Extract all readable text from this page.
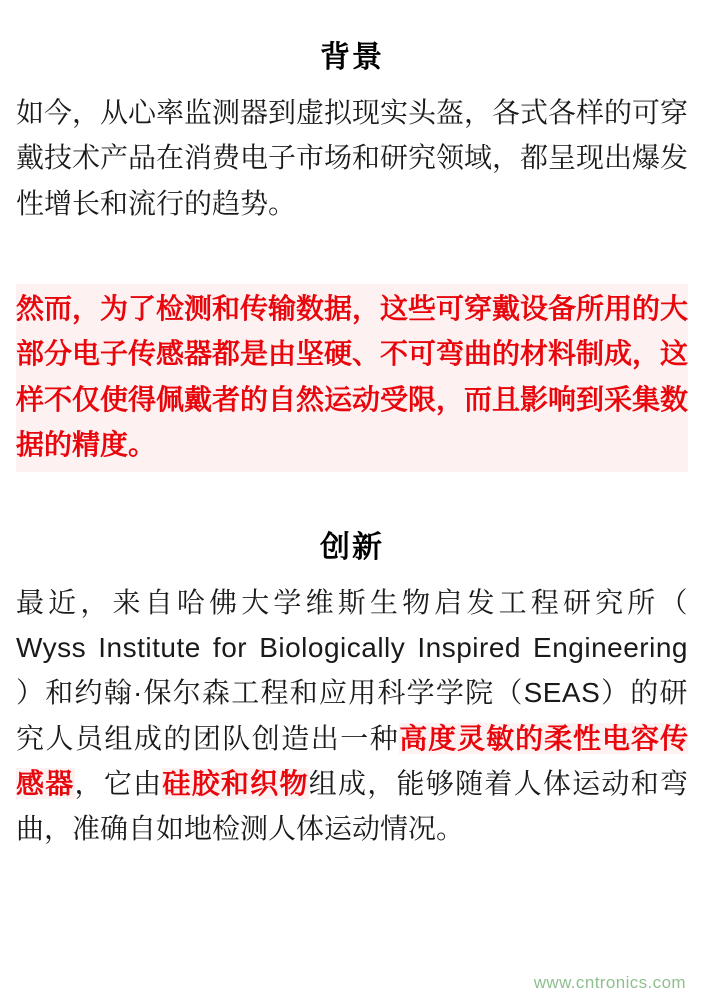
背景

如今，从心率监测器到虚拟现实头盔，各式各样的可穿戴技术产品在消费电子市场和研究领域，都呈现出爆发性增长和流行的趋势。

然而，为了检测和传输数据，这些可穿戴设备所用的大部分电子传感器都是由坚硬、不可弯曲的材料制成，这样不仅使得佩戴者的自然运动受限，而且影响到采集数据的精度。

创新

最近，来自哈佛大学维斯生物启发工程研究所（ Wyss Institute for Biologically Inspired Engineering ）和约翰·保尔森工程和应用科学学院（SEAS）的研究人员组成的团队创造出一种高度灵敏的柔性电容传感器，它由硅胶和织物组成，能够随着人体运动和弯曲，准确自如地检测人体运动情况。

www.cntronics.com
